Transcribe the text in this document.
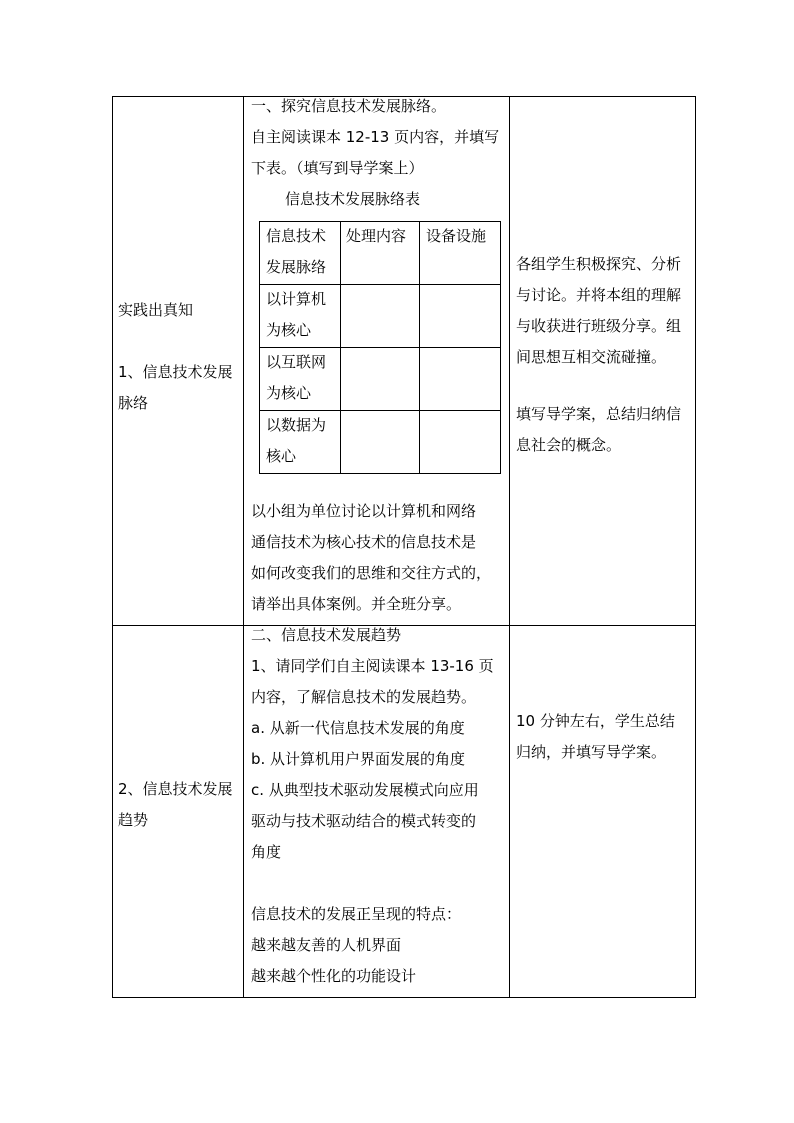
实践出真知

1、信息技术发展

脉络

一、探究信息技术发展脉络。

自主阅读课本 12-13 页内容，并填写

下表。（填写到导学案上）

信息技术发展脉络表

信息技术
发展脉络
处理内容 设备设施
以计算机
为核心
以互联网
为核心
以数据为
核心

以小组为单位讨论以计算机和网络

通信技术为核心技术的信息技术是

如何改变我们的思维和交往方式的，

请举出具体案例。并全班分享。

各组学生积极探究、分析

与讨论。并将本组的理解

与收获进行班级分享。组

间思想互相交流碰撞。

填写导学案，总结归纳信

息社会的概念。

2、信息技术发展

趋势

二、信息技术发展趋势

1、请同学们自主阅读课本 13-16 页

内容，了解信息技术的发展趋势。

a. 从新一代信息技术发展的角度

b. 从计算机用户界面发展的角度

c. 从典型技术驱动发展模式向应用

驱动与技术驱动结合的模式转变的

角度

信息技术的发展正呈现的特点：

越来越友善的人机界面

越来越个性化的功能设计

10 分钟左右，学生总结

归纳，并填写导学案。
